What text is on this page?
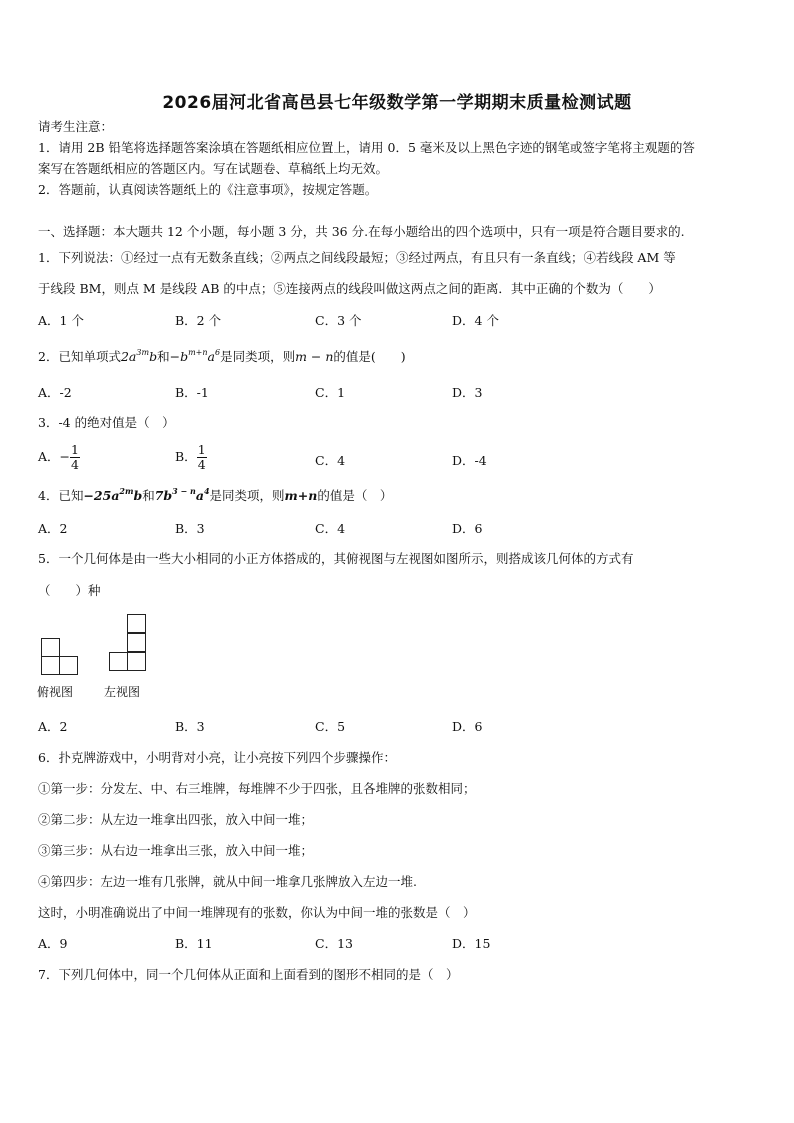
2026届河北省高邑县七年级数学第一学期期末质量检测试题
请考生注意：
1．请用 2B 铅笔将选择题答案涂填在答题纸相应位置上，请用 0．5 毫米及以上黑色字迹的钢笔或签字笔将主观题的答
案写在答题纸相应的答题区内。写在试题卷、草稿纸上均无效。
2．答题前，认真阅读答题纸上的《注意事项》，按规定答题。
一、选择题：本大题共 12 个小题，每小题 3 分，共 36 分.在每小题给出的四个选项中，只有一项是符合题目要求的.
1．下列说法：①经过一点有无数条直线；②两点之间线段最短；③经过两点，有且只有一条直线；④若线段 AM 等
于线段 BM，则点 M 是线段 AB 的中点；⑤连接两点的线段叫做这两点之间的距离．其中正确的个数为（　　）
A．1 个	B．2 个	C．3 个	D．4 个
2．已知单项式$2a^{3m}b$和$-b^{m+n}a^6$是同类项，则m − n的值是(　　)
A．-2	B．-1	C．1	D．3
3．-4 的绝对值是（　）
A．− $\frac{1}{4}$	B． $\frac{1}{4}$	C．4	D．-4
4．已知$-25a^{2m}b$和$7b^{3 - n}a^4$是同类项，则m+n的值是（　）
A．2	B．3	C．4	D．6
5．一个几何体是由一些大小相同的小正方体搭成的，其俯视图与左视图如图所示，则搭成该几何体的方式有
（　　）种
俯视图	左视图
A．2	B．3	C．5	D．6
6．扑克牌游戏中，小明背对小亮，让小亮按下列四个步骤操作：
①第一步：分发左、中、右三堆牌，每堆牌不少于四张，且各堆牌的张数相同；
②第二步：从左边一堆拿出四张，放入中间一堆；
③第三步：从右边一堆拿出三张，放入中间一堆；
④第四步：左边一堆有几张牌，就从中间一堆拿几张牌放入左边一堆.
这时，小明准确说出了中间一堆牌现有的张数，你认为中间一堆的张数是（　）
A．9	B．11	C．13	D．15
7．下列几何体中，同一个几何体从正面和上面看到的图形不相同的是（　）
